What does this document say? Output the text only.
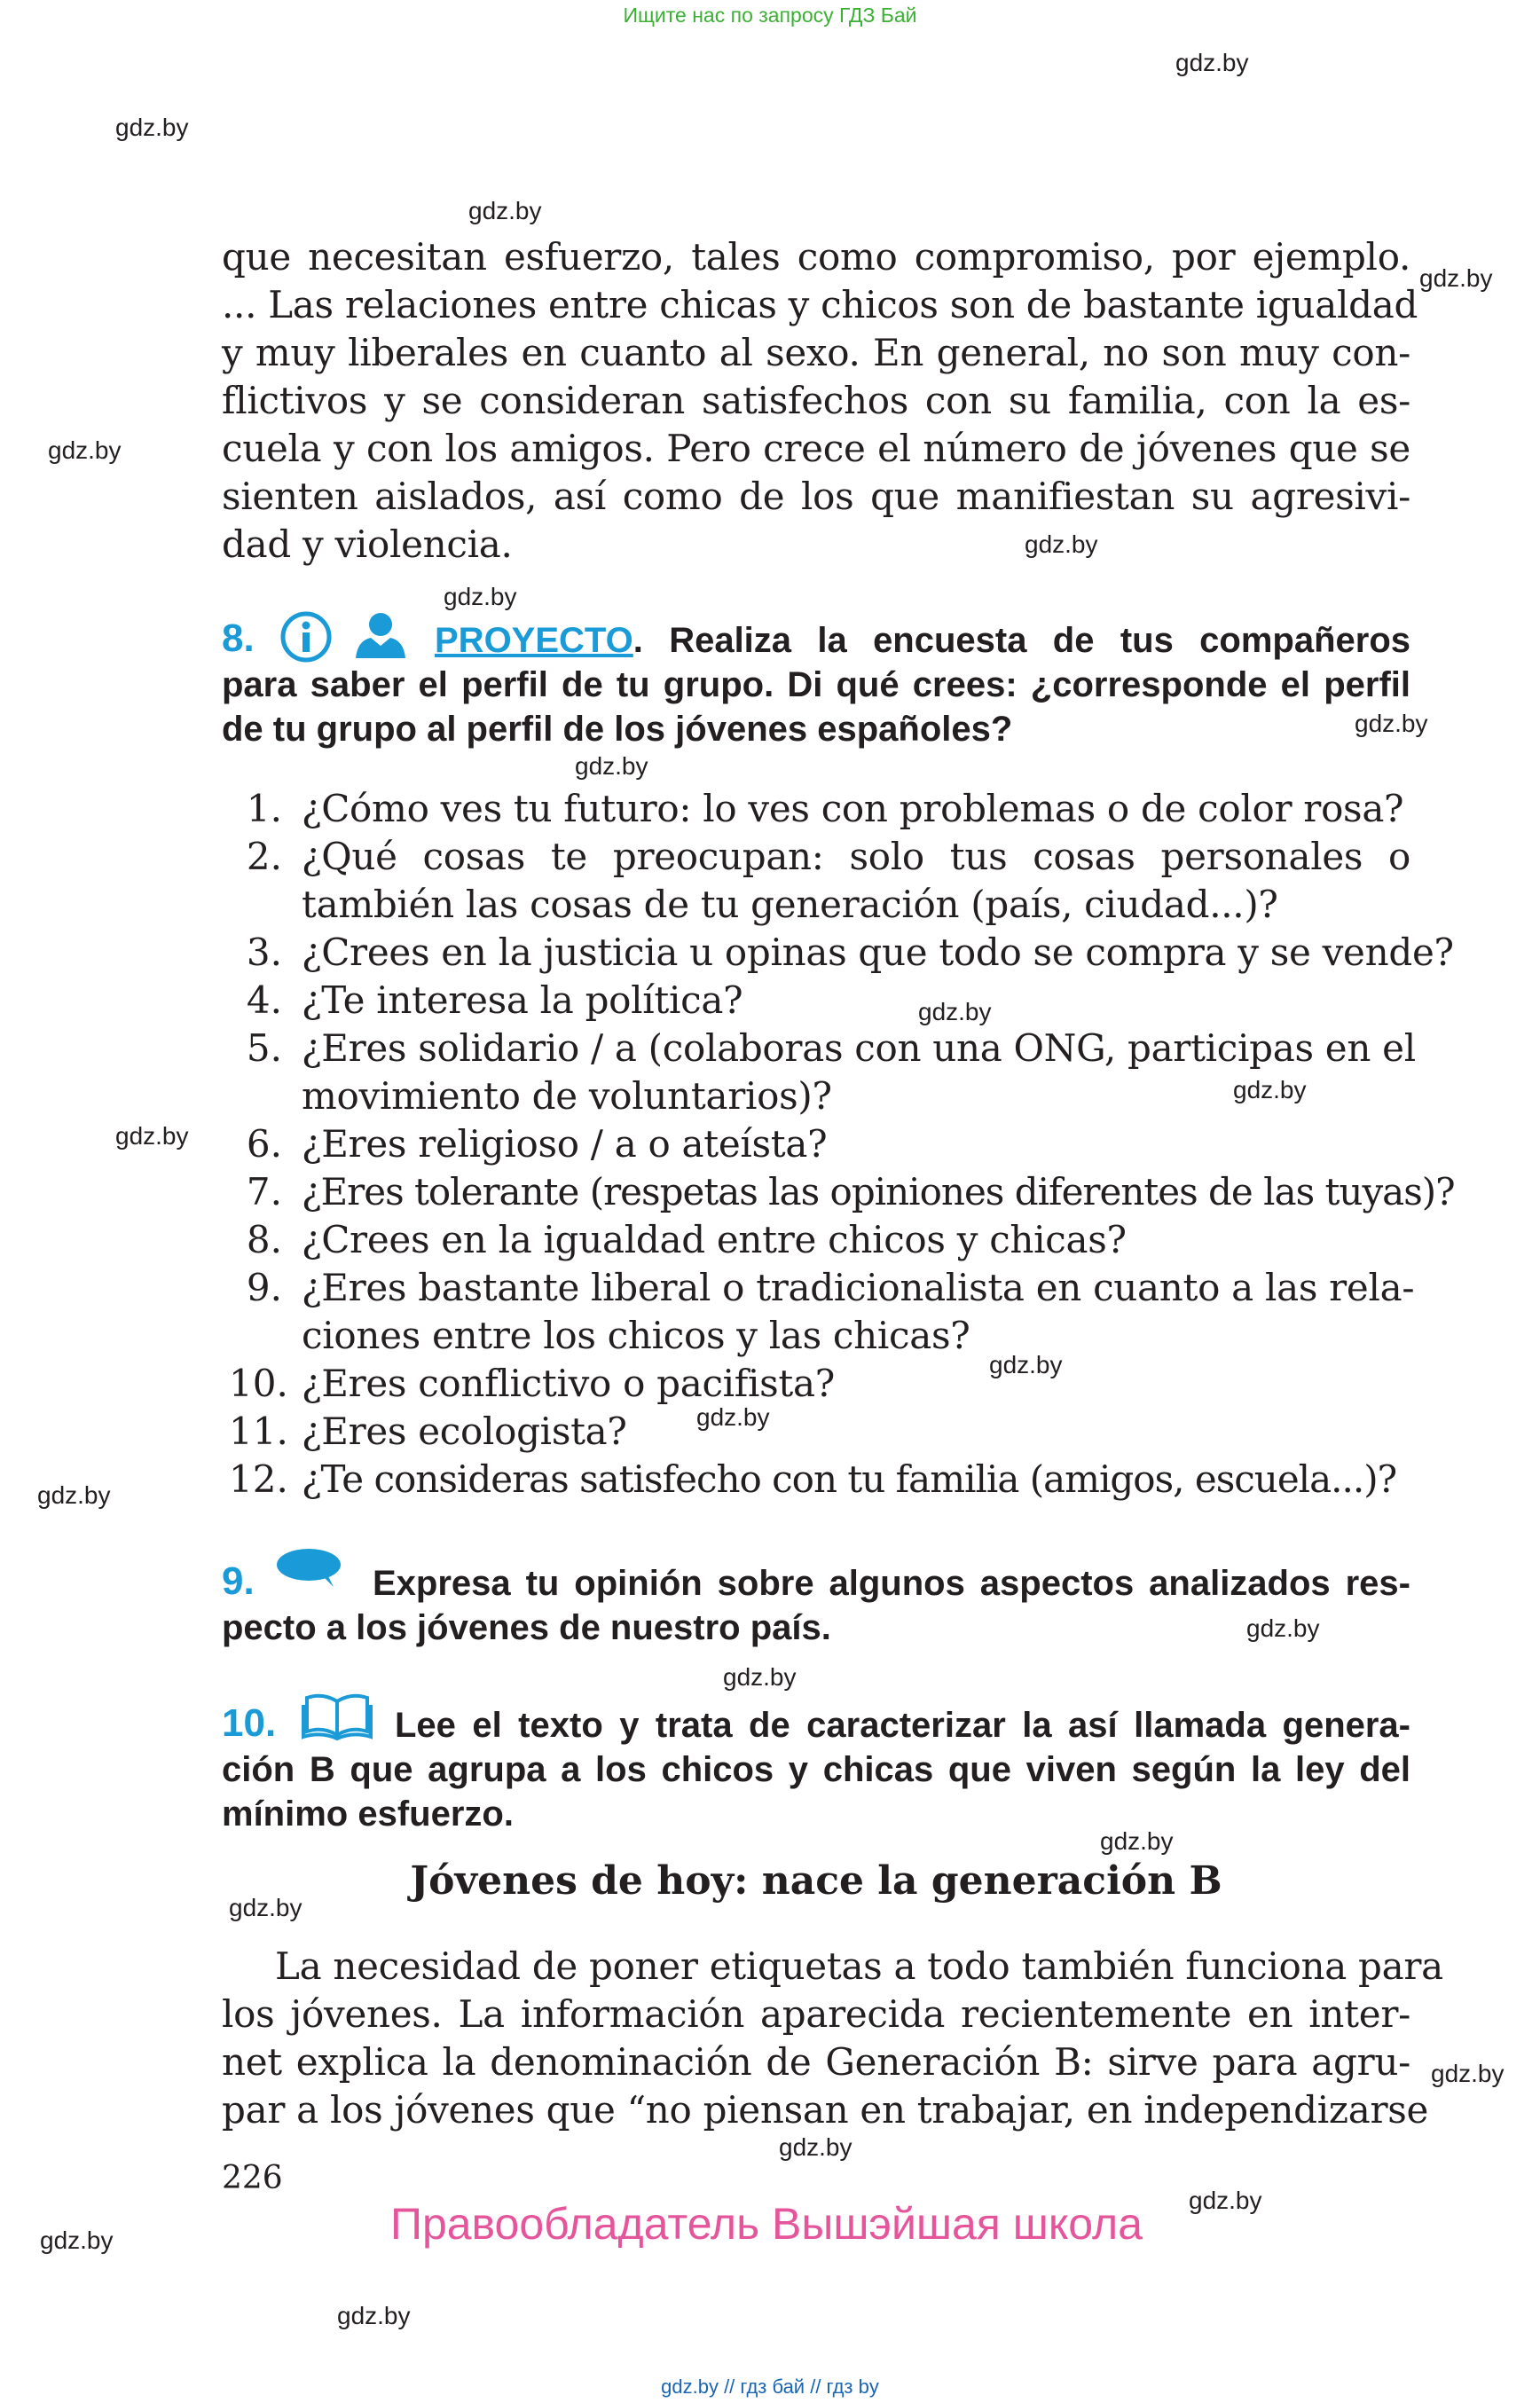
Ищите нас по запросу ГДЗ Бай
gdz.by
gdz.by
gdz.by
gdz.by
gdz.by
gdz.by
gdz.by
gdz.by
gdz.by
gdz.by
gdz.by
gdz.by
gdz.by
gdz.by
gdz.by
gdz.by
gdz.by
gdz.by
gdz.by
gdz.by
gdz.by
gdz.by
gdz.by
gdz.by
que necesitan esfuerzo, tales como compromiso, por ejemplo.
... Las relaciones entre chicas y chicos son de bastante igualdad
y muy liberales en cuanto al sexo. En general, no son muy con-
flictivos y se consideran satisfechos con su familia, con la es-
cuela y con los amigos. Pero crece el número de jóvenes que se
sienten aislados, así como de los que manifiestan su agresivi-
dad y violencia.
8.	PROYECTO. Realiza la encuesta de tus compañeros
para saber el perfil de tu grupo. Di qué crees: ¿corresponde el perfil
de tu grupo al perfil de los jóvenes españoles?
1. ¿Cómo ves tu futuro: lo ves con problemas o de color rosa?
2. ¿Qué cosas te preocupan: solo tus cosas personales o
también las cosas de tu generación (país, ciudad...)?
3. ¿Crees en la justicia u opinas que todo se compra y se vende?
4. ¿Te interesa la política?
5. ¿Eres solidario / a (colaboras con una ONG, participas en el
movimiento de voluntarios)?
6. ¿Eres religioso / a o ateísta?
7. ¿Eres tolerante (respetas las opiniones diferentes de las tuyas)?
8. ¿Crees en la igualdad entre chicos y chicas?
9. ¿Eres bastante liberal o tradicionalista en cuanto a las rela-
ciones entre los chicos y las chicas?
10. ¿Eres conflictivo o pacifista?
11. ¿Eres ecologista?
12. ¿Te consideras satisfecho con tu familia (amigos, escuela...)?
9.	Expresa tu opinión sobre algunos aspectos analizados res-
pecto a los jóvenes de nuestro país.
10.	Lee el texto y trata de caracterizar la así llamada genera-
ción B que agrupa a los chicos y chicas que viven según la ley del
mínimo esfuerzo.
Jóvenes de hoy: nace la generación B
La necesidad de poner etiquetas a todo también funciona para
los jóvenes. La información aparecida recientemente en inter-
net explica la denominación de Generación B: sirve para agru-
par a los jóvenes que “no piensan en trabajar, en independizarse
226
Правообладатель Вышэйшая школа
gdz.by // гдз бай // гдз by
